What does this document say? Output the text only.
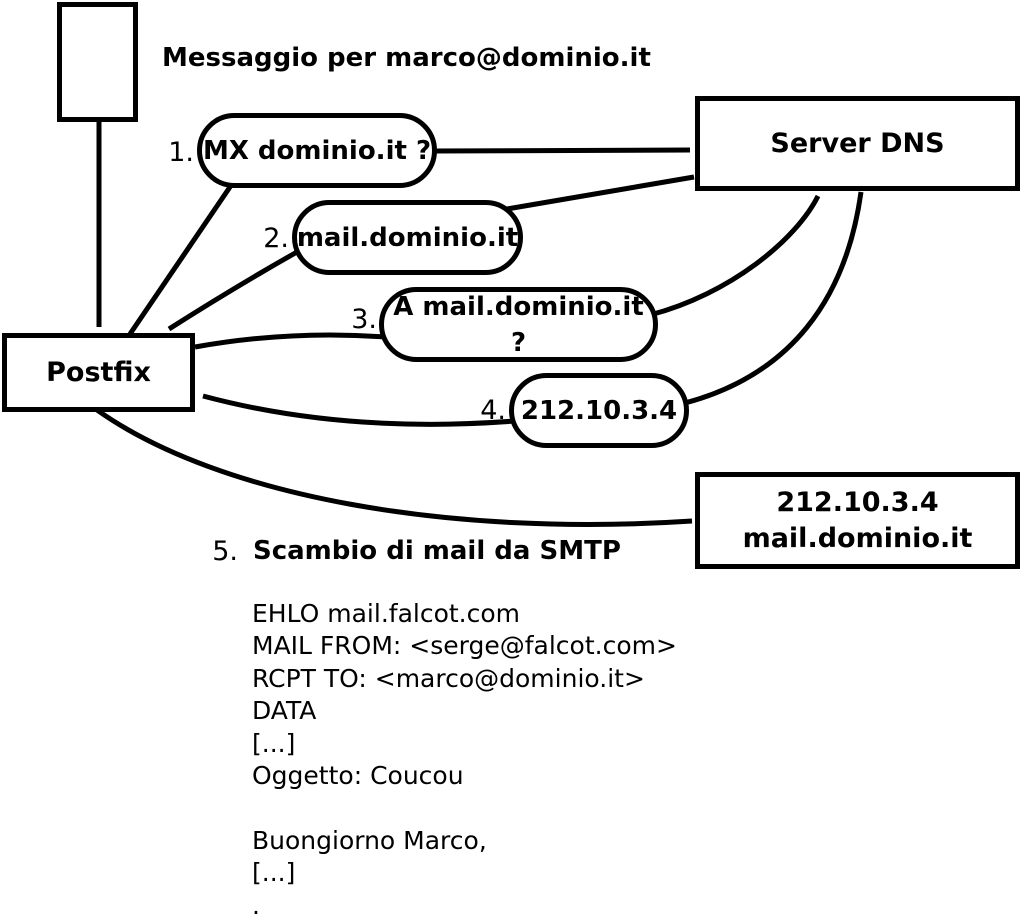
Messaggio per marco@dominio.it
Postfix
Server DNS
212.10.3.4
mail.dominio.it
1. MX dominio.it ?
2. mail.dominio.it
3. A mail.dominio.it ?
4. 212.10.3.4
5. Scambio di mail da SMTP
EHLO mail.falcot.com
MAIL FROM: <serge@falcot.com>
RCPT TO: <marco@dominio.it>
DATA
[...]
Oggetto: Coucou
Buongiorno Marco,
[...]
.
